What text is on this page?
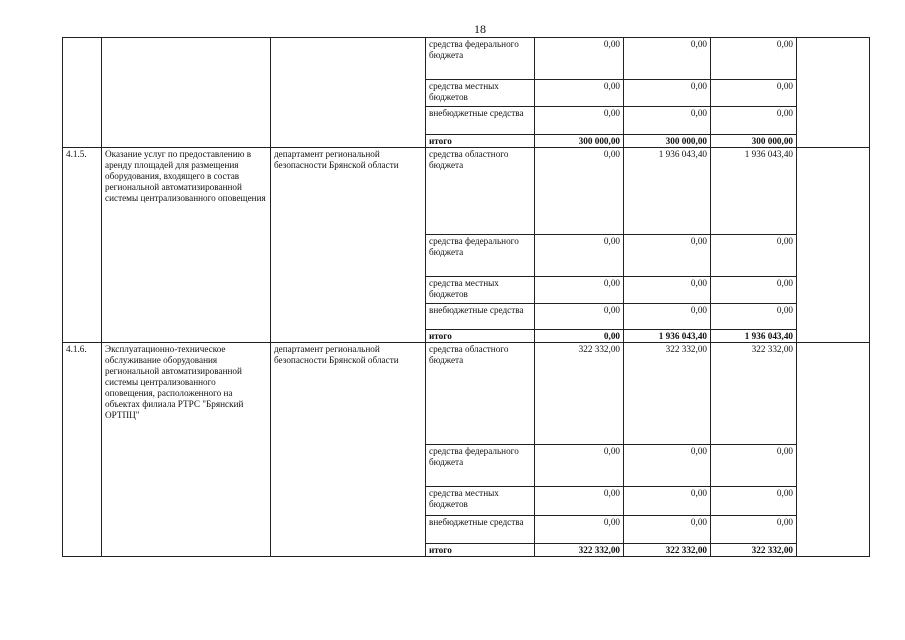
18
			средства федерального бюджета	0,00	0,00	0,00	
			средства местных бюджетов	0,00	0,00	0,00	
			внебюджетные средства	0,00	0,00	0,00	
			итого	300 000,00	300 000,00	300 000,00	
4.1.5.	Оказание услуг по предоставлению в аренду площадей для размещения оборудования, входящего в состав региональной автоматизированной системы централизованного оповещения	департамент региональной безопасности Брянской области	средства областного бюджета	0,00	1 936 043,40	1 936 043,40	
			средства федерального бюджета	0,00	0,00	0,00	
			средства местных бюджетов	0,00	0,00	0,00	
			внебюджетные средства	0,00	0,00	0,00	
			итого	0,00	1 936 043,40	1 936 043,40	
4.1.6.	Эксплуатационно-техническое обслуживание оборудования региональной автоматизированной системы централизованного оповещения, расположенного на объектах филиала РТРС "Брянский ОРТПЦ"	департамент региональной безопасности Брянской области	средства областного бюджета	322 332,00	322 332,00	322 332,00	
			средства федерального бюджета	0,00	0,00	0,00	
			средства местных бюджетов	0,00	0,00	0,00	
			внебюджетные средства	0,00	0,00	0,00	
			итого	322 332,00	322 332,00	322 332,00	
